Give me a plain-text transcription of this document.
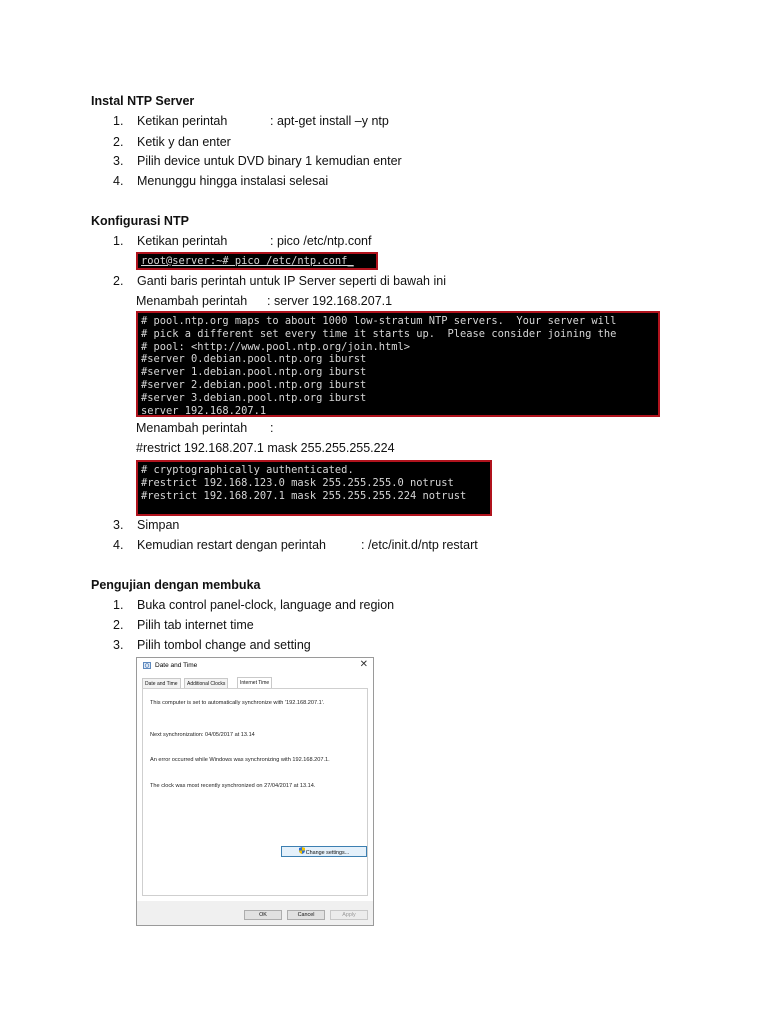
Instal NTP Server
1. Ketikan perintah	: apt-get install –y ntp
2. Ketik y dan enter
3. Pilih device untuk DVD binary 1 kemudian enter
4. Menunggu hingga instalasi selesai
Konfigurasi NTP
1. Ketikan perintah	: pico /etc/ntp.conf
root@server:~# pico /etc/ntp.conf_
2. Ganti baris perintah untuk IP Server seperti di bawah ini
Menambah perintah : server 192.168.207.1
# pool.ntp.org maps to about 1000 low-stratum NTP servers.  Your server will
# pick a different set every time it starts up.  Please consider joining the
# pool: <http://www.pool.ntp.org/join.html>
#server 0.debian.pool.ntp.org iburst
#server 1.debian.pool.ntp.org iburst
#server 2.debian.pool.ntp.org iburst
#server 3.debian.pool.ntp.org iburst
server 192.168.207.1
Menambah perintah :
#restrict 192.168.207.1 mask 255.255.255.224
# cryptographically authenticated.
#restrict 192.168.123.0 mask 255.255.255.0 notrust
#restrict 192.168.207.1 mask 255.255.255.224 notrust
3. Simpan
4. Kemudian restart dengan perintah	: /etc/init.d/ntp restart
Pengujian dengan membuka
1. Buka control panel-clock, language and region
2. Pilih tab internet time
3. Pilih tombol change and setting
Date and Time	✕
Date and Time	Additional Clocks	Internet Time
This computer is set to automatically synchronize with '192.168.207.1'.
Next synchronization: 04/05/2017 at 13.14
An error occurred while Windows was synchronizing with 192.168.207.1.
The clock was most recently synchronized on 27/04/2017 at 13.14.
Change settings...
OK	Cancel	Apply
